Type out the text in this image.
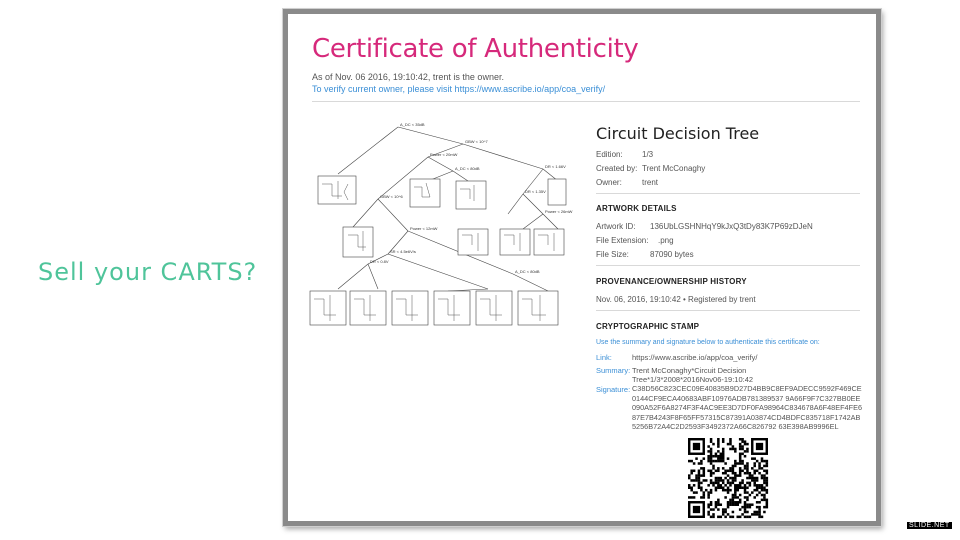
Sell your CARTS?
Certificate of Authenticity
As of Nov. 06 2016, 19:10:42, trent is the owner.
To verify current owner, please visit https://www.ascribe.io/app/coa_verify/
A_DC < 35dB
GBW < 10^7
Power < 20mW
A_DC < 80dB	DR < 1.66V
DR < 1.35V
GBW < 10^6
Power < 26mW
Power < 12mW
SR < 4.5e6V/s
DR < 0.8V
A_DC < 80dB
Circuit Decision Tree
Edition: 1/3
Created by: Trent McConaghy
Owner:	trent
ARTWORK DETAILS
Artwork ID: 136UbLGSHNHqY9kJxQ3tDy83K7P69zDJeN
File Extension: .png
File Size:	87090 bytes
PROVENANCE/OWNERSHIP HISTORY
Nov. 06, 2016, 19:10:42 • Registered by trent
CRYPTOGRAPHIC STAMP
Use the summary and signature below to authenticate this certificate on:
Link:	https://www.ascribe.io/app/coa_verify/
Summary: Trent McConaghy*Circuit Decision
Tree*1/3*2008*2016Nov06-19:10:42
Signature: C38D56C823CEC09E40835B9D27D4BB9C8EF9ADECC9592F469CE0144CF9ECA40683ABF10976ADB781389537 9A66F9F7C327BB0EE090A52F6A8274F3F4AC9EE3D7DF0FA98964C834678A6F48EF4FE687E7B4243F8F65FF57315C87391A03874CD4BDFC835718F1742AB5256B72A4C2D2593F3492372A66C826792 63E398AB9996EL
SLIDE.NET
